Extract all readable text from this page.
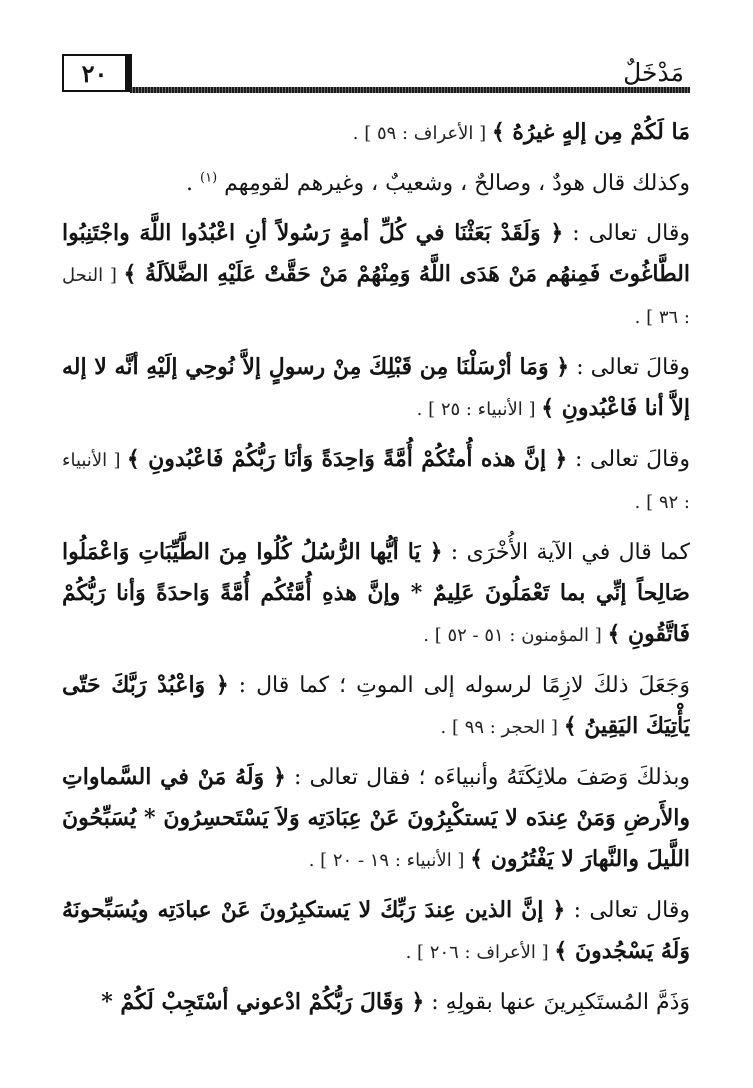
٢٠	مَدْخَلٌ

مَا لَكُمْ مِن إلهٍ غيرُهُ ﴾ [ الأعراف : ٥٩ ] .

وكذلك قال هودٌ ، وصالحٌ ، وشعيبٌ ، وغيرهم لقومِهم $^{(١)}$ .

وقال تعالى : ﴿ وَلَقَدْ بَعَثْنَا في كُلِّ أمةٍ رَسُولاً أنِ اعْبُدُوا اللَّهَ واجْتَنِبُوا الطَّاغُوتَ فَمِنهُم مَنْ هَدَى اللَّهُ وَمِنْهُمْ مَنْ حَقَّتْ عَلَيْهِ الضَّلاَلَةُ ﴾ [ النحل : ٣٦ ] .

وقالَ تعالى : ﴿ وَمَا أرْسَلْنَا مِن قَبْلِكَ مِنْ رسولٍ إلاَّ نُوحِي إلَيْهِ أنَّه لا إله إلاَّ أنا فَاعْبُدونِ ﴾ [ الأنبياء : ٢٥ ] .

وقالَ تعالى : ﴿ إنَّ هذه أُمتُكُمْ أُمَّةً وَاحِدَةً وَأنَا رَبُّكُمْ فَاعْبُدونِ ﴾ [ الأنبياء : ٩٢ ] .

كما قال في الآية الأُخْرَى : ﴿ يَا أيُّها الرُّسُلُ كُلُوا مِنَ الطَّيِّبَاتِ وَاعْمَلُوا صَالِحاً إنِّي بما تَعْمَلُونَ عَلِيمٌ * وإنَّ هذهِ أُمَّتُكُم أُمَّةً وَاحدَةً وَأنا رَبُّكُمْ فَاتَّقُونِ ﴾ [ المؤمنون : ٥١ - ٥٢ ] .

وَجَعَلَ ذلكَ لازِمًا لرسوله إلى الموتِ ؛ كما قال : ﴿ وَاعْبُدْ رَبَّكَ حَتّى يَأْتِيَكَ اليَقِينُ ﴾ [ الحجر : ٩٩ ] .

وبذلكَ وَصَفَ ملائِكَتَهُ وأنبياءَه ؛ فقال تعالى : ﴿ وَلَهُ مَنْ في السَّماواتِ والأَرضِ وَمَنْ عِندَه لا يَستكْبِرُونَ عَنْ عِبَادَتِه وَلاَ يَسْتَحسِرُونَ * يُسَبِّحُونَ اللَّيلَ والنَّهارَ لا يَفْتُرُون ﴾ [ الأنبياء : ١٩ - ٢٠ ] .

وقال تعالى : ﴿ إنَّ الذين عِندَ رَبِّكَ لا يَستكبِرُونَ عَنْ عبادَتِه ويُسَبِّحونَهُ وَلَهُ يَسْجُدونَ ﴾ [ الأعراف : ٢٠٦ ] .

وَذَمَّ المُستَكبِرينَ عنها بقولِهِ : ﴿ وَقَالَ رَبُّكُمْ ادْعوني أسْتَجِبْ لَكُمْ *
